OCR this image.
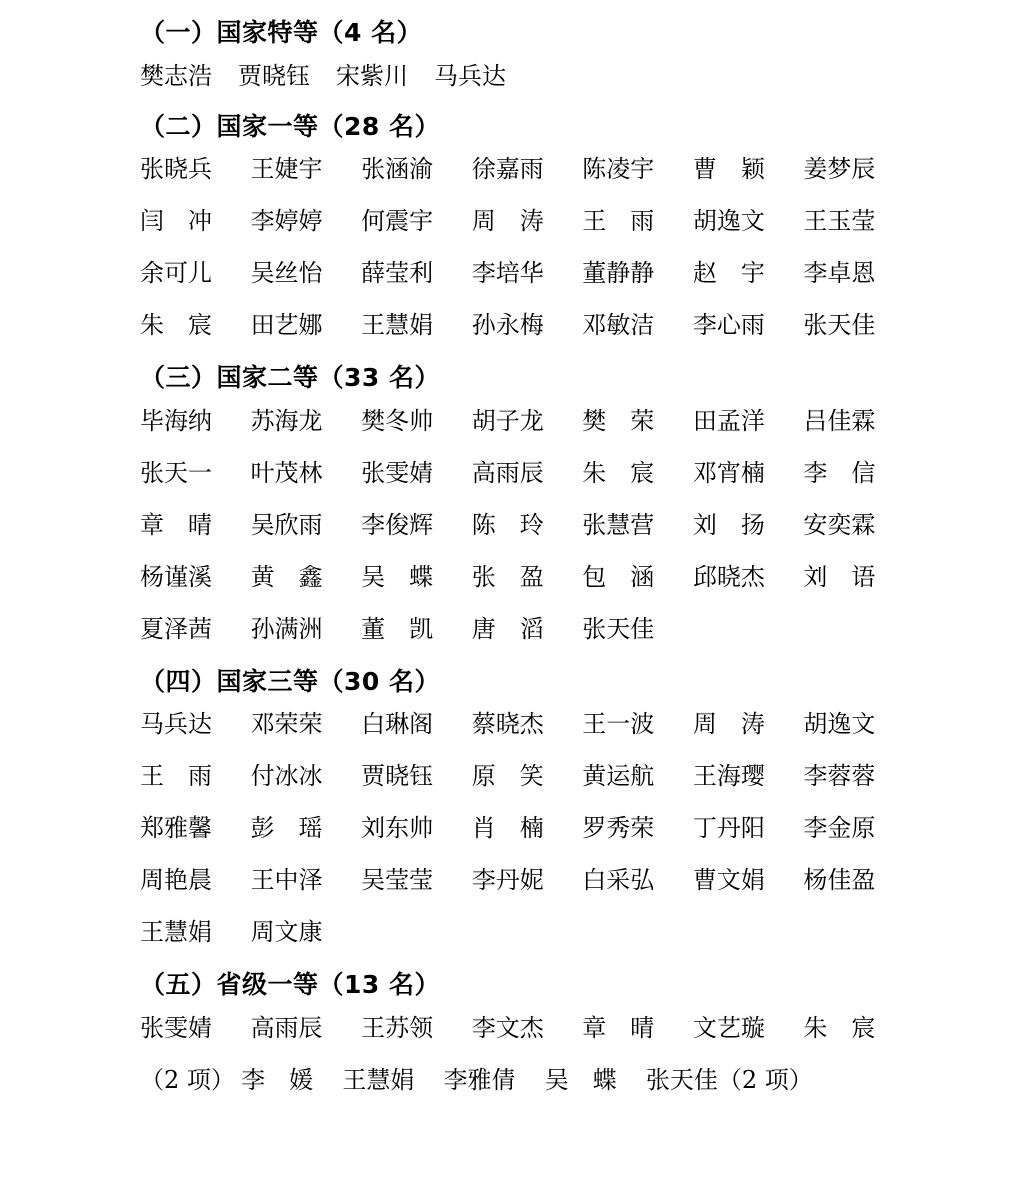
（一）国家特等（4 名）
樊志浩 贾晓钰 宋紫川 马兵达
（二）国家一等（28 名）
张晓兵 王婕宇 张涵渝 徐嘉雨 陈凌宇 曹　颖 姜梦辰
闫　冲 李婷婷 何震宇 周　涛 王　雨 胡逸文 王玉莹
余可儿 吴丝怡 薛莹利 李培华 董静静 赵　宇 李卓恩
朱　宸 田艺娜 王慧娟 孙永梅 邓敏洁 李心雨 张天佳
（三）国家二等（33 名）
毕海纳 苏海龙 樊冬帅 胡子龙 樊　荣 田孟洋 吕佳霖
张天一 叶茂林 张雯婧 高雨辰 朱　宸 邓宵楠 李　信
章　晴 吴欣雨 李俊辉 陈　玲 张慧营 刘　扬 安奕霖
杨谨溪 黄　鑫 吴　蝶 张　盈 包　涵 邱晓杰 刘　语
夏泽茜 孙满洲 董　凯 唐　滔 张天佳
（四）国家三等（30 名）
马兵达 邓荣荣 白琳阁 蔡晓杰 王一波 周　涛 胡逸文
王　雨 付冰冰 贾晓钰 原　笑 黄运航 王海璎 李蓉蓉
郑雅馨 彭　瑶 刘东帅 肖　楠 罗秀荣 丁丹阳 李金原
周艳晨 王中泽 吴莹莹 李丹妮 白采弘 曹文娟 杨佳盈
王慧娟 周文康
（五）省级一等（13 名）
张雯婧 高雨辰 王苏领 李文杰 章　晴 文艺璇 朱　宸
（2 项） 李　媛 王慧娟 李雅倩 吴　蝶 张天佳（2 项）
